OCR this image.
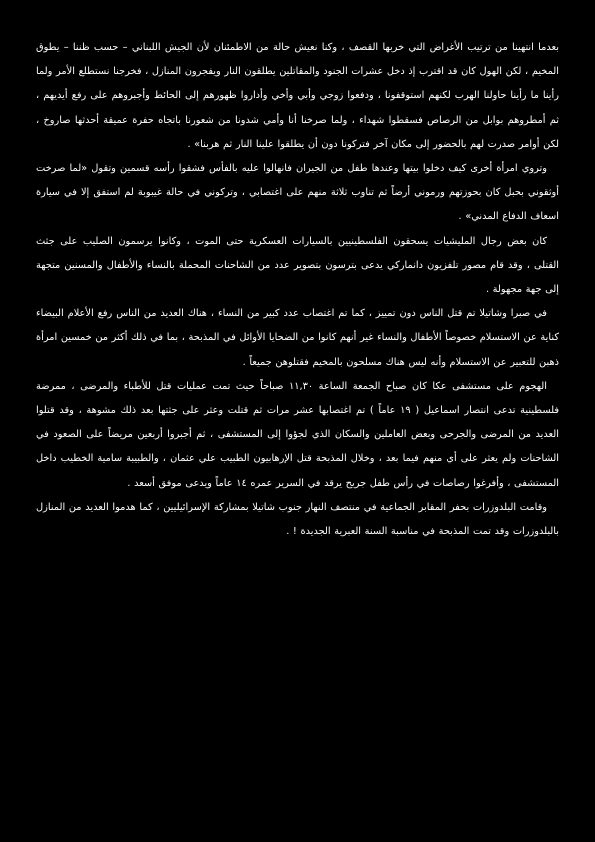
بعدما انتهينا من ترتيب الأغراض التي خربها القصف ، وكنا نعيش حالة من الاطمئنان لأن الجيش اللبناني – حسب ظننا – يطوق المخيم ، لكن الهول كان قد اقترب إذ دخل عشرات الجنود والمقاتلين يطلقون النار ويفجرون المنازل ، فخرجنا نستطلع الأمر ولما رأينا ما رأينا حاولنا الهرب لكنهم استوقفونا ، ودفعوا زوجي وأبي وأخي وأداروا ظهورهم إلى الحائط وأجبروهم على رفع أيديهم ، ثم أمطروهم بوابل من الرصاص فسقطوا شهداء ، ولما صرخنا أنا وأمي شدونا من شعورنا باتجاه حفرة عميقة أحدثها صاروخ ، لكن أوامر صدرت لهم بالحضور إلى مكان آخر فتركونا دون أن يطلقوا علينا النار ثم هربنا» .

وتروي امرأة أخرى كيف دخلوا بيتها وعندها طفل من الجيران فانهالوا عليه بالفأس فشقوا رأسه قسمين وتقول «لما صرخت أوثقوني بحبل كان بحوزتهم ورموني أرضاً ثم تناوب ثلاثة منهم على اغتصابي ، وتركوني في حالة غيبوبة لم استفق إلا في سيارة اسعاف الدفاع المدني» .

كان بعض رجال المليشيات يسحقون الفلسطينيين بالسيارات العسكرية حتى الموت ، وكانوا يرسمون الصليب على جثث القتلى ، وقد قام مصور تلفزيون دانماركي يدعى بترسون بتصوير عدد من الشاحنات المحملة بالنساء والأطفال والمسنين متجهة إلى جهة مجهولة .

في صبرا وشاتيلا تم قتل الناس دون تمييز ، كما تم اغتصاب عدد كبير من النساء ، هناك العديد من الناس رفع الأعلام البيضاء كناية عن الاستسلام خصوصاً الأطفال والنساء غير أنهم كانوا من الضحايا الأوائل في المذبحة ، بما في ذلك أكثر من خمسين امرأة ذهبن للتعبير عن الاستسلام وأنه ليس هناك مسلحون بالمخيم فقتلوهن جميعاً .

الهجوم على مستشفى عكا كان صباح الجمعة الساعة ١١,٣٠ صباحاً حيث تمت عمليات قتل للأطباء والمرضى ، ممرضة فلسطينية تدعى انتصار اسماعيل ( ١٩ عاماً ) تم اغتصابها عشر مرات ثم قتلت وعثر على جثتها بعد ذلك مشوهة ، وقد قتلوا العديد من المرضى والجرحى وبعض العاملين والسكان الذي لجؤوا إلى المستشفى ، ثم أجبروا أربعين مريضاً على الصعود في الشاحنات ولم يعثر على أي منهم فيما بعد ، وخلال المذبحة قتل الإرهابيون الطبيب علي عثمان ، والطبيبة سامية الخطيب داخل المستشفى ، وأفرغوا رصاصات في رأس طفل جريح يرقد في السرير عمره ١٤ عاماً ويدعى موفق أسعد .

وقامت البلدوزرات بحفر المقابر الجماعية في منتصف النهار جنوب شاتيلا بمشاركة الإسرائيليين ، كما هدموا العديد من المنازل بالبلدوزرات وقد تمت المذبحة في مناسبة السنة العبرية الجديدة ! .
